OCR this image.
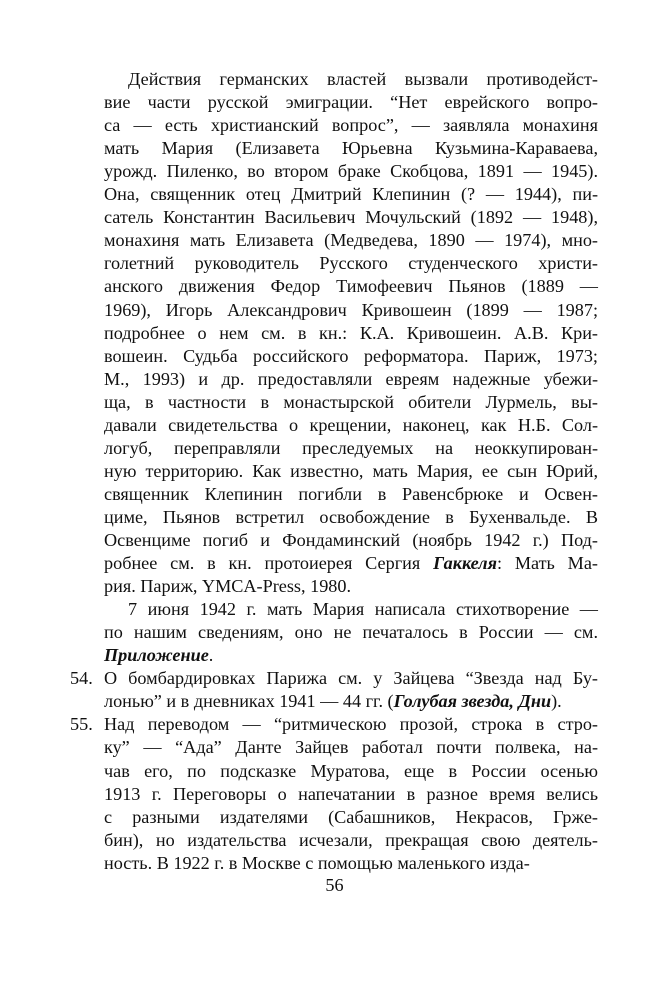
Действия германских властей вызвали противодейст-
вие части русской эмиграции. “Нет еврейского вопро-
са — есть христианский вопрос”, — заявляла монахиня
мать Мария (Елизавета Юрьевна Кузьмина-Караваева,
урожд. Пиленко, во втором браке Скобцова, 1891 — 1945).
Она, священник отец Дмитрий Клепинин (? — 1944), пи-
сатель Константин Васильевич Мочульский (1892 — 1948),
монахиня мать Елизавета (Медведева, 1890 — 1974), мно-
голетний руководитель Русского студенческого христи-
анского движения Федор Тимофеевич Пьянов (1889 —
1969), Игорь Александрович Кривошеин (1899 — 1987;
подробнее о нем см. в кн.: К.А. Кривошеин. А.В. Кри-
вошеин. Судьба российского реформатора. Париж, 1973;
М., 1993) и др. предоставляли евреям надежные убежи-
ща, в частности в монастырской обители Лурмель, вы-
давали свидетельства о крещении, наконец, как Н.Б. Сол-
логуб, переправляли преследуемых на неоккупирован-
ную территорию. Как известно, мать Мария, ее сын Юрий,
священник Клепинин погибли в Равенсбрюке и Освен-
циме, Пьянов встретил освобождение в Бухенвальде. В
Освенциме погиб и Фондаминский (ноябрь 1942 г.) Под-
робнее см. в кн. протоиерея Сергия Гаккеля: Мать Ма-
рия. Париж, YMCA-Press, 1980.
7 июня 1942 г. мать Мария написала стихотворение —
по нашим сведениям, оно не печаталось в России — см.
Приложение.
54. О бомбардировках Парижа см. у Зайцева “Звезда над Бу-
лонью” и в дневниках 1941 — 44 гг. (Голубая звезда, Дни).
55. Над переводом — “ритмическою прозой, строка в стро-
ку” — “Ада” Данте Зайцев работал почти полвека, на-
чав его, по подсказке Муратова, еще в России осенью
1913 г. Переговоры о напечатании в разное время велись
с разными издателями (Сабашников, Некрасов, Грже-
бин), но издательства исчезали, прекращая свою деятель-
ность. В 1922 г. в Москве с помощью маленького изда-
56
